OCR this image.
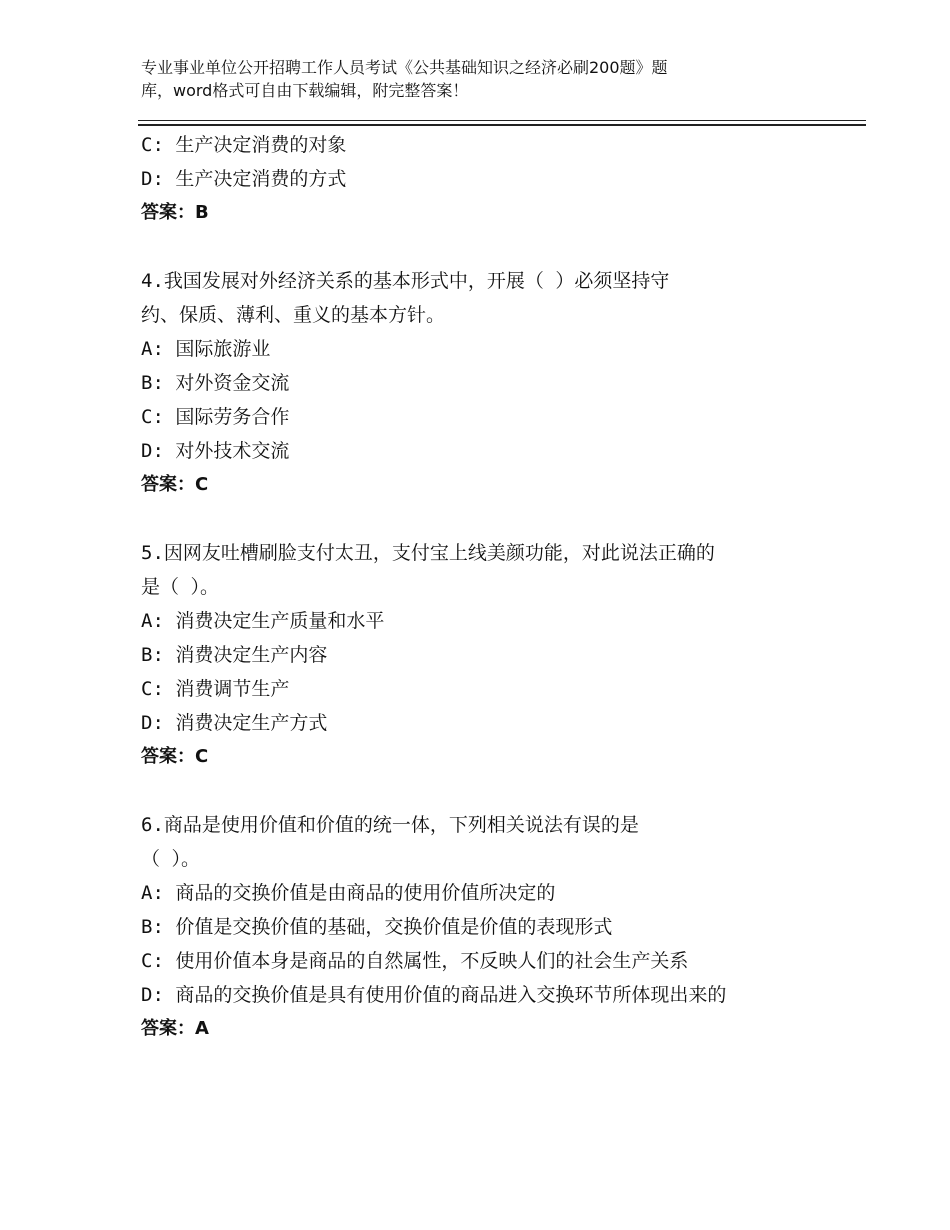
专业事业单位公开招聘工作人员考试《公共基础知识之经济必刷200题》题
库，word格式可自由下载编辑，附完整答案！
C: 生产决定消费的对象
D: 生产决定消费的方式
答案：B
4.我国发展对外经济关系的基本形式中，开展（ ）必须坚持守
约、保质、薄利、重义的基本方针。
A: 国际旅游业
B: 对外资金交流
C: 国际劳务合作
D: 对外技术交流
答案：C
5.因网友吐槽刷脸支付太丑，支付宝上线美颜功能，对此说法正确的
是（ ）。
A: 消费决定生产质量和水平
B: 消费决定生产内容
C: 消费调节生产
D: 消费决定生产方式
答案：C
6.商品是使用价值和价值的统一体，下列相关说法有误的是
（ ）。
A: 商品的交换价值是由商品的使用价值所决定的
B: 价值是交换价值的基础，交换价值是价值的表现形式
C: 使用价值本身是商品的自然属性，不反映人们的社会生产关系
D: 商品的交换价值是具有使用价值的商品进入交换环节所体现出来的
答案：A
